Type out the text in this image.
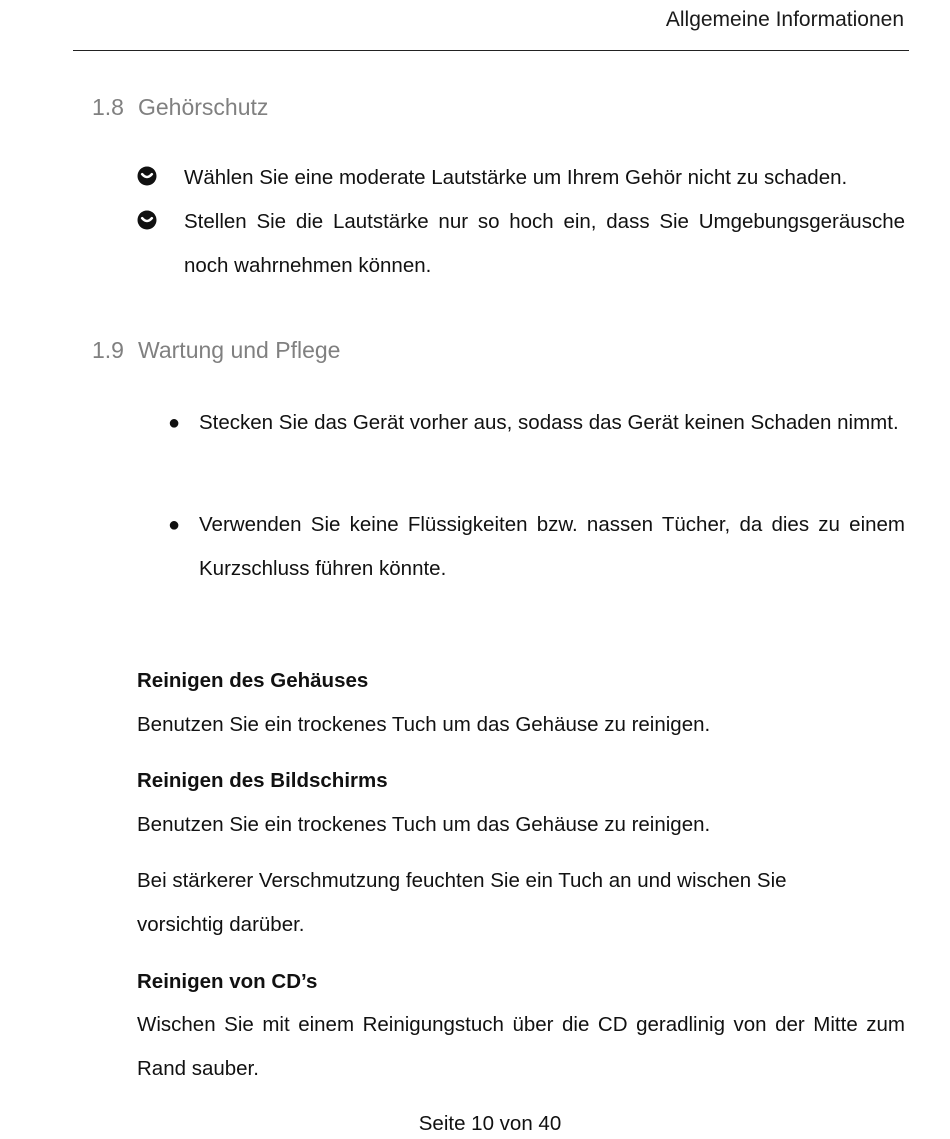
Allgemeine Informationen
1.8 Gehörschutz
Wählen Sie eine moderate Lautstärke um Ihrem Gehör nicht zu schaden.
Stellen Sie die Lautstärke nur so hoch ein, dass Sie Umgebungsgeräusche noch wahrnehmen können.
1.9 Wartung und Pflege
● Stecken Sie das Gerät vorher aus, sodass das Gerät keinen Schaden nimmt.
● Verwenden Sie keine Flüssigkeiten bzw. nassen Tücher, da dies zu einem Kurzschluss führen könnte.
Reinigen des Gehäuses
Benutzen Sie ein trockenes Tuch um das Gehäuse zu reinigen.
Reinigen des Bildschirms
Benutzen Sie ein trockenes Tuch um das Gehäuse zu reinigen.
Bei stärkerer Verschmutzung feuchten Sie ein Tuch an und wischen Sie vorsichtig darüber.
Reinigen von CD’s
Wischen Sie mit einem Reinigungstuch über die CD geradlinig von der Mitte zum Rand sauber.
Seite 10 von 40
